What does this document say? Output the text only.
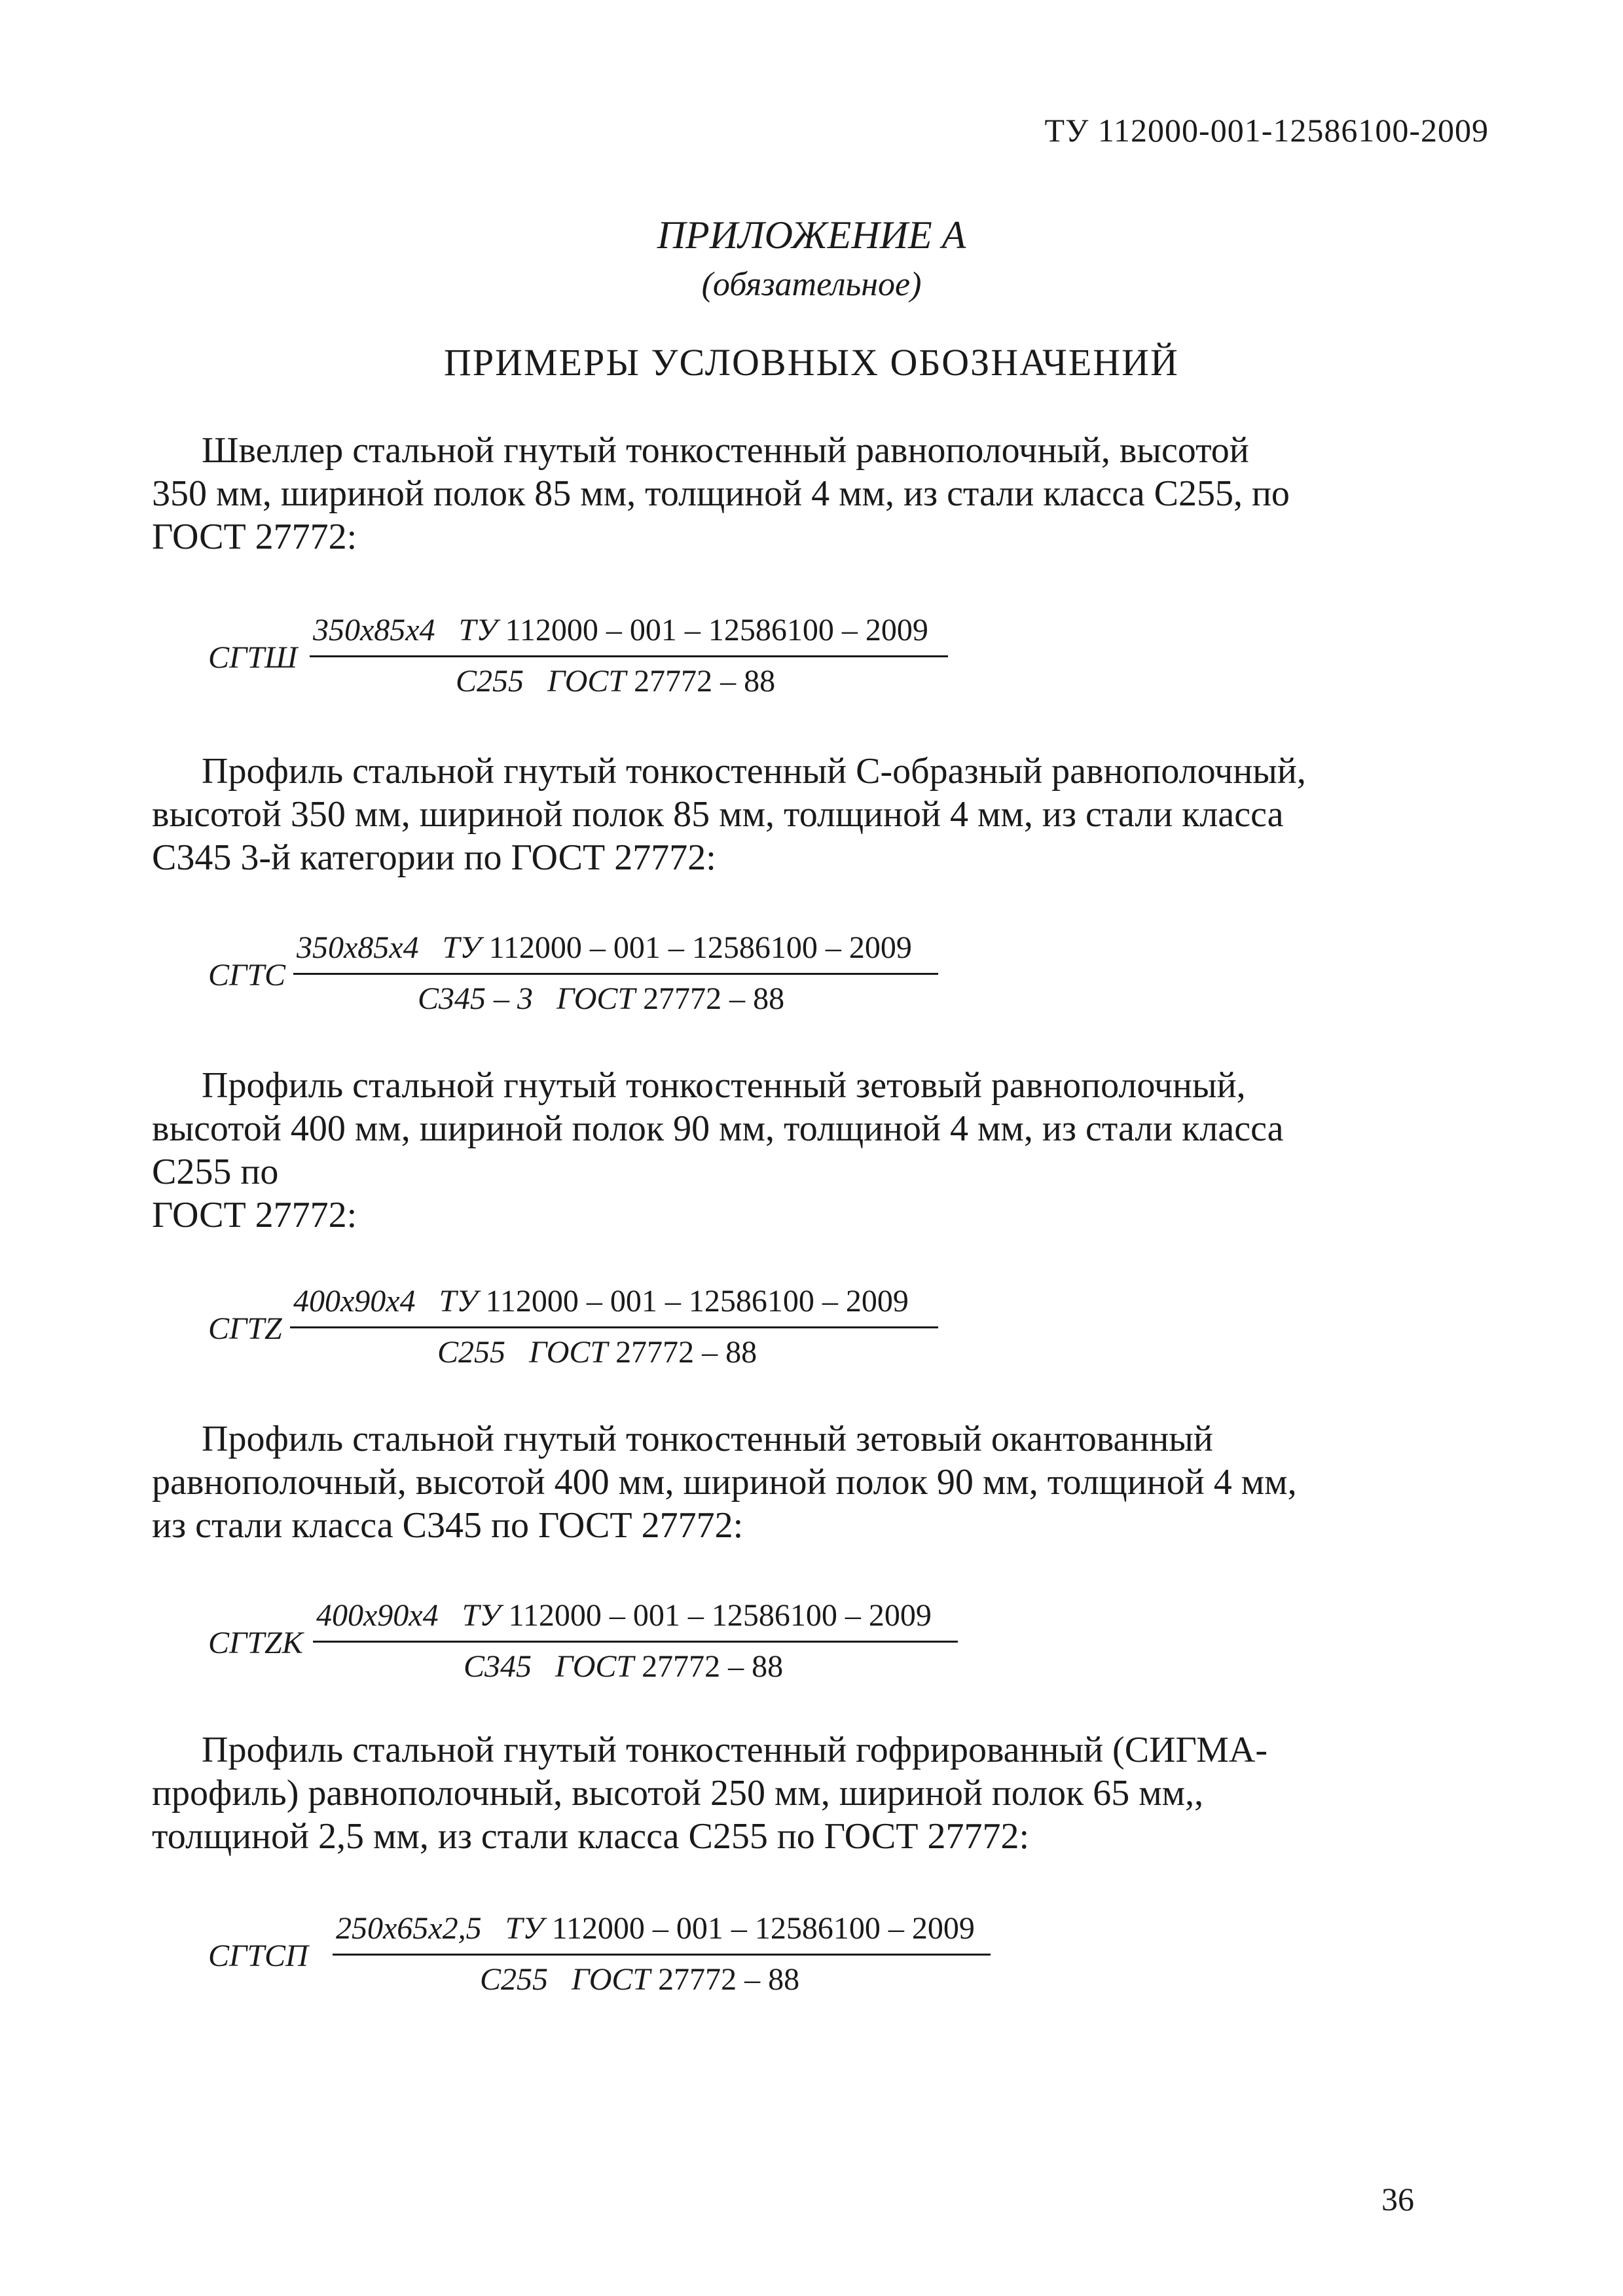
ТУ 112000-001-12586100-2009
ПРИЛОЖЕНИЕ А
(обязательное)
ПРИМЕРЫ УСЛОВНЫХ ОБОЗНАЧЕНИЙ
Швеллер стальной гнутый тонкостенный равнополочный, высотой
350 мм, шириной полок 85 мм, толщиной 4 мм, из стали класса С255, по
ГОСТ 27772:
СГТШ
350x85x4 ТУ 112000 – 001 – 12586100 – 2009
С255 ГОСТ 27772 – 88
Профиль стальной гнутый тонкостенный С-образный равнополочный,
высотой 350 мм, шириной полок 85 мм, толщиной 4 мм, из стали класса
С345 3-й категории по ГОСТ 27772:
СГТС
350x85x4 ТУ 112000 – 001 – 12586100 – 2009
С345 – 3 ГОСТ 27772 – 88
Профиль стальной гнутый тонкостенный зетовый равнополочный,
высотой 400 мм, шириной полок 90 мм, толщиной 4 мм, из стали класса
С255 по
ГОСТ 27772:
СГТZ
400x90x4 ТУ 112000 – 001 – 12586100 – 2009
С255 ГОСТ 27772 – 88
Профиль стальной гнутый тонкостенный зетовый окантованный
равнополочный, высотой 400 мм, шириной полок 90 мм, толщиной 4 мм,
из стали класса С345 по ГОСТ 27772:
СГТZК
400x90x4 ТУ 112000 – 001 – 12586100 – 2009
С345 ГОСТ 27772 – 88
Профиль стальной гнутый тонкостенный гофрированный (СИГМА-
профиль) равнополочный, высотой 250 мм, шириной полок 65 мм,,
толщиной 2,5 мм, из стали класса С255 по ГОСТ 27772:
СГТСП
250x65x2,5 ТУ 112000 – 001 – 12586100 – 2009
С255 ГОСТ 27772 – 88
36
